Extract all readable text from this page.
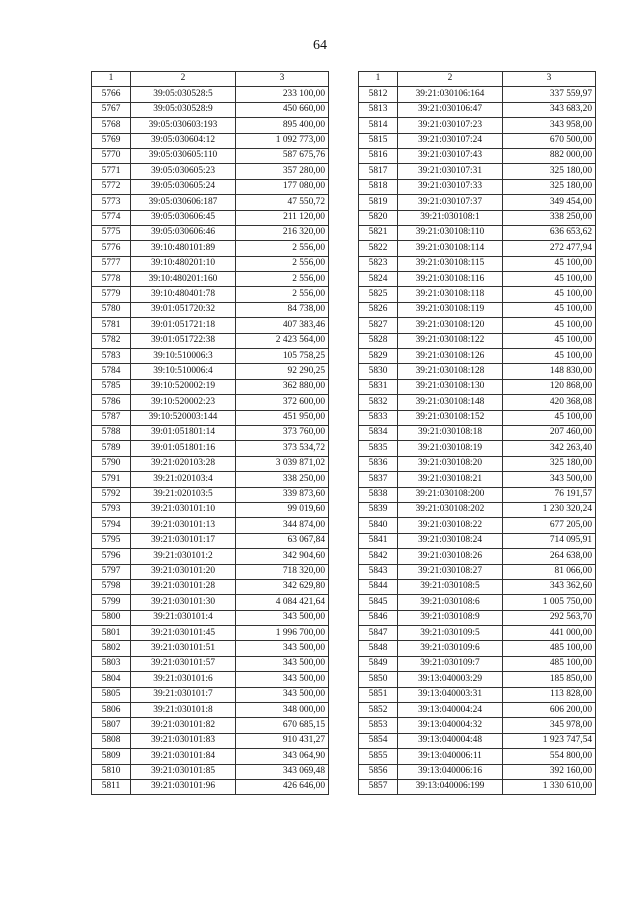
64
1	2	3
5766	39:05:030528:5	233 100,00
5767	39:05:030528:9	450 660,00
5768	39:05:030603:193	895 400,00
5769	39:05:030604:12	1 092 773,00
5770	39:05:030605:110	587 675,76
5771	39:05:030605:23	357 280,00
5772	39:05:030605:24	177 080,00
5773	39:05:030606:187	47 550,72
5774	39:05:030606:45	211 120,00
5775	39:05:030606:46	216 320,00
5776	39:10:480101:89	2 556,00
5777	39:10:480201:10	2 556,00
5778	39:10:480201:160	2 556,00
5779	39:10:480401:78	2 556,00
5780	39:01:051720:32	84 738,00
5781	39:01:051721:18	407 383,46
5782	39:01:051722:38	2 423 564,00
5783	39:10:510006:3	105 758,25
5784	39:10:510006:4	92 290,25
5785	39:10:520002:19	362 880,00
5786	39:10:520002:23	372 600,00
5787	39:10:520003:144	451 950,00
5788	39:01:051801:14	373 760,00
5789	39:01:051801:16	373 534,72
5790	39:21:020103:28	3 039 871,02
5791	39:21:020103:4	338 250,00
5792	39:21:020103:5	339 873,60
5793	39:21:030101:10	99 019,60
5794	39:21:030101:13	344 874,00
5795	39:21:030101:17	63 067,84
5796	39:21:030101:2	342 904,60
5797	39:21:030101:20	718 320,00
5798	39:21:030101:28	342 629,80
5799	39:21:030101:30	4 084 421,64
5800	39:21:030101:4	343 500,00
5801	39:21:030101:45	1 996 700,00
5802	39:21:030101:51	343 500,00
5803	39:21:030101:57	343 500,00
5804	39:21:030101:6	343 500,00
5805	39:21:030101:7	343 500,00
5806	39:21:030101:8	348 000,00
5807	39:21:030101:82	670 685,15
5808	39:21:030101:83	910 431,27
5809	39:21:030101:84	343 064,90
5810	39:21:030101:85	343 069,48
5811	39:21:030101:96	426 646,00
1	2	3
5812	39:21:030106:164	337 559,97
5813	39:21:030106:47	343 683,20
5814	39:21:030107:23	343 958,00
5815	39:21:030107:24	670 500,00
5816	39:21:030107:43	882 000,00
5817	39:21:030107:31	325 180,00
5818	39:21:030107:33	325 180,00
5819	39:21:030107:37	349 454,00
5820	39:21:030108:1	338 250,00
5821	39:21:030108:110	636 653,62
5822	39:21:030108:114	272 477,94
5823	39:21:030108:115	45 100,00
5824	39:21:030108:116	45 100,00
5825	39:21:030108:118	45 100,00
5826	39:21:030108:119	45 100,00
5827	39:21:030108:120	45 100,00
5828	39:21:030108:122	45 100,00
5829	39:21:030108:126	45 100,00
5830	39:21:030108:128	148 830,00
5831	39:21:030108:130	120 868,00
5832	39:21:030108:148	420 368,08
5833	39:21:030108:152	45 100,00
5834	39:21:030108:18	207 460,00
5835	39:21:030108:19	342 263,40
5836	39:21:030108:20	325 180,00
5837	39:21:030108:21	343 500,00
5838	39:21:030108:200	76 191,57
5839	39:21:030108:202	1 230 320,24
5840	39:21:030108:22	677 205,00
5841	39:21:030108:24	714 095,91
5842	39:21:030108:26	264 638,00
5843	39:21:030108:27	81 066,00
5844	39:21:030108:5	343 362,60
5845	39:21:030108:6	1 005 750,00
5846	39:21:030108:9	292 563,70
5847	39:21:030109:5	441 000,00
5848	39:21:030109:6	485 100,00
5849	39:21:030109:7	485 100,00
5850	39:13:040003:29	185 850,00
5851	39:13:040003:31	113 828,00
5852	39:13:040004:24	606 200,00
5853	39:13:040004:32	345 978,00
5854	39:13:040004:48	1 923 747,54
5855	39:13:040006:11	554 800,00
5856	39:13:040006:16	392 160,00
5857	39:13:040006:199	1 330 610,00
